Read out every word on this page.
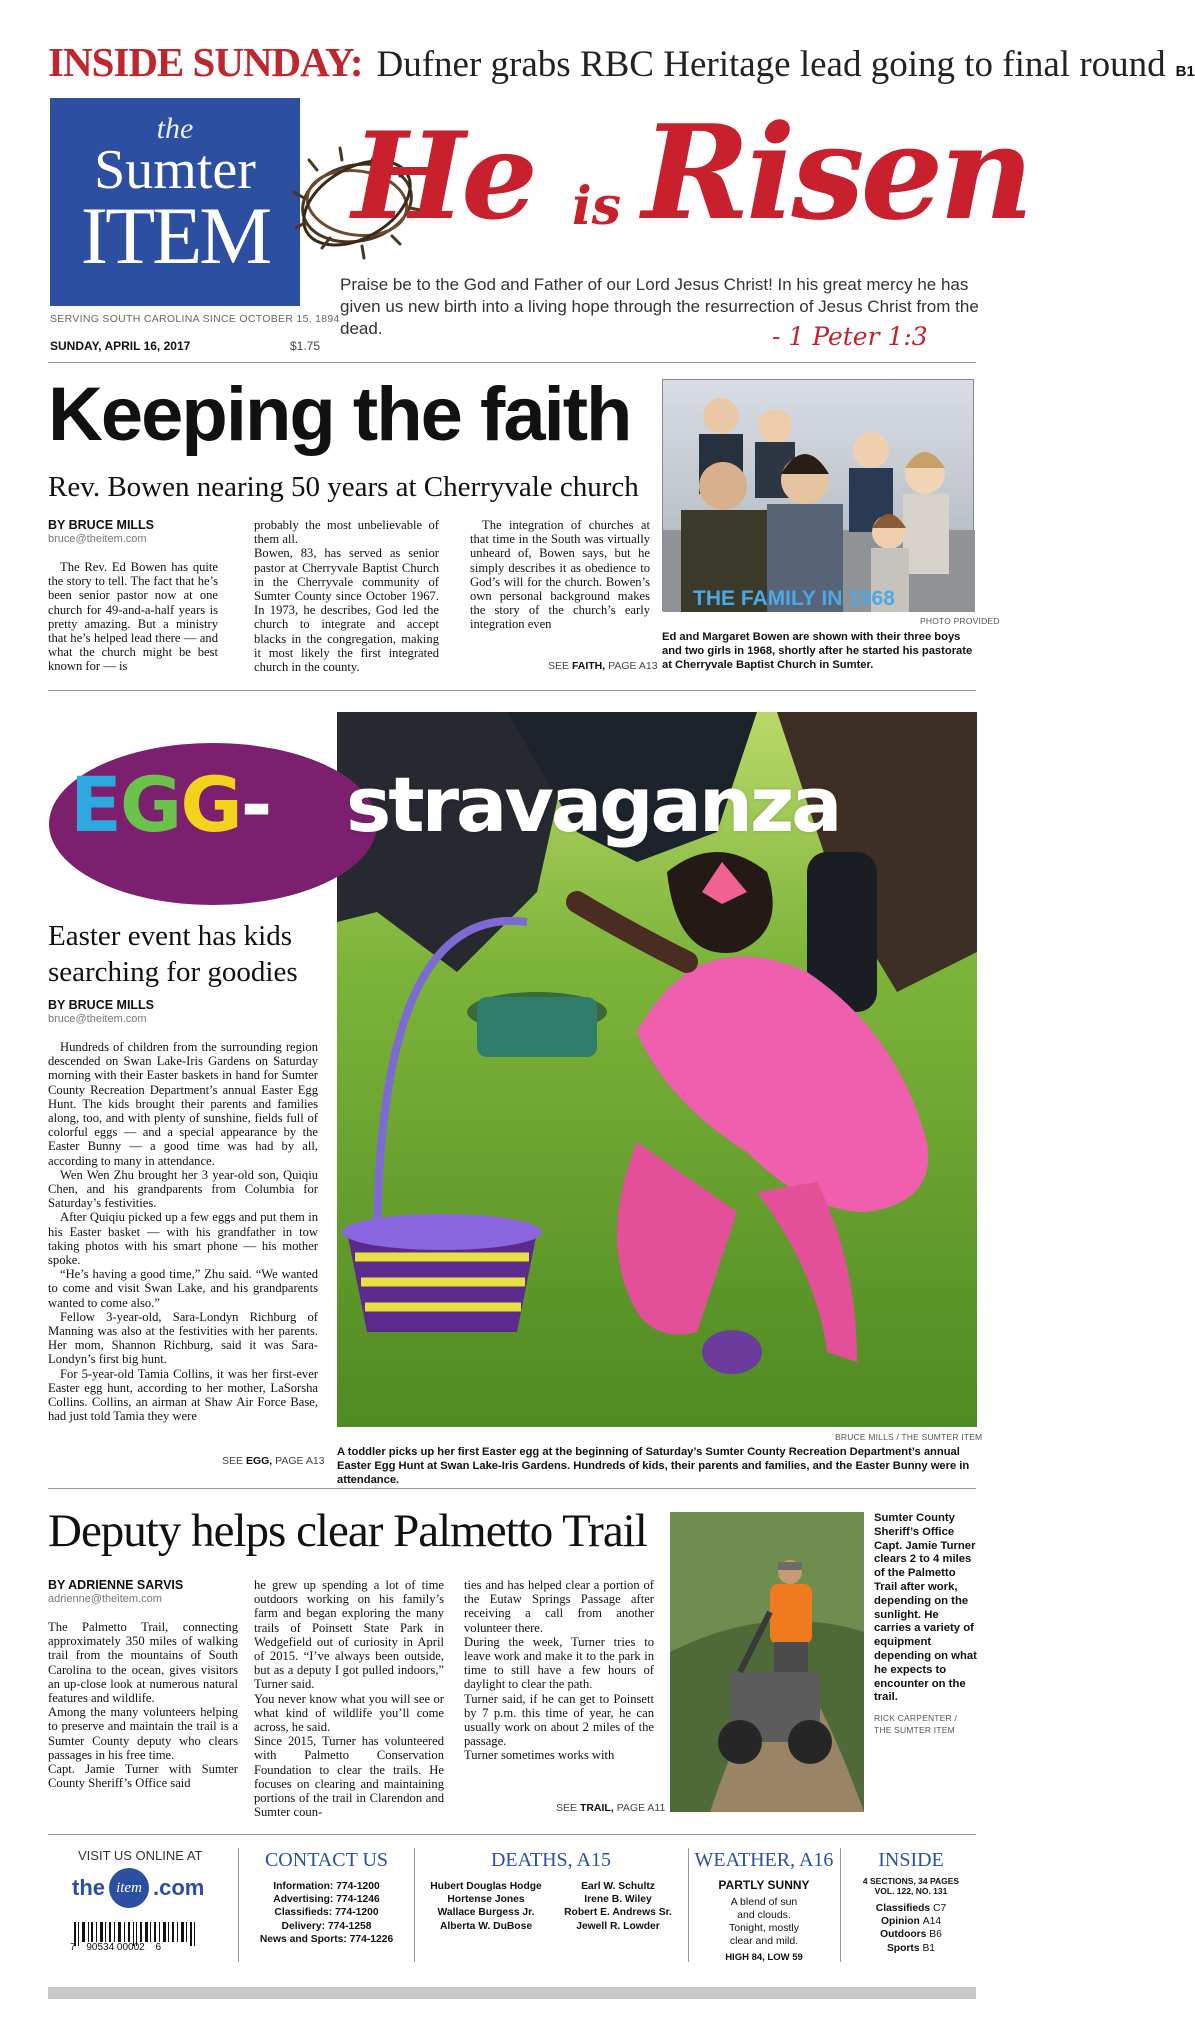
INSIDE SUNDAY: Dufner grabs RBC Heritage lead going to final round B1
the
Sumter
ITEM
SERVING SOUTH CAROLINA SINCE OCTOBER 15, 1894
SUNDAY, APRIL 16, 2017	$1.75
He is Risen
Praise be to the God and Father of our Lord Jesus Christ! In his great mercy he has given us new birth into a living hope through the resurrection of Jesus Christ from the dead.	- 1 Peter 1:3
Keeping the faith
Rev. Bowen nearing 50 years at Cherryvale church
BY BRUCE MILLS
bruce@theitem.com
The Rev. Ed Bowen has quite the story to tell. The fact that he’s been senior pastor now at one church for 49-and-a-half years is pretty amazing. But a ministry that he’s helped lead there — and what the church might be best known for — is
probably the most unbelievable of them all.
Bowen, 83, has served as senior pastor at Cherryvale Baptist Church in the Cherryvale community of Sumter County since October 1967. In 1973, he describes, God led the church to integrate and accept blacks in the congregation, making it most likely the first integrated church in the county.
The integration of churches at that time in the South was virtually unheard of, Bowen says, but he simply describes it as obedience to God’s will for the church. Bowen’s own personal background makes the story of the church’s early integration even
SEE FAITH, PAGE A13
THE FAMILY IN 1968
PHOTO PROVIDED
Ed and Margaret Bowen are shown with their three boys and two girls in 1968, shortly after he started his pastorate at Cherryvale Baptist Church in Sumter.
EGG- stravaganza
Easter event has kids searching for goodies
BY BRUCE MILLS
bruce@theitem.com

Hundreds of children from the surrounding region descended on Swan Lake-Iris Gardens on Saturday morning with their Easter baskets in hand for Sumter County Recreation Department’s annual Easter Egg Hunt. The kids brought their parents and families along, too, and with plenty of sunshine, fields full of colorful eggs — and a special appearance by the Easter Bunny — a good time was had by all, according to many in attendance.

Wen Wen Zhu brought her 3 year-old son, Quiqiu Chen, and his grandparents from Columbia for Saturday’s festivities.

After Quiqiu picked up a few eggs and put them in his Easter basket — with his grandfather in tow taking photos with his smart phone — his mother spoke.

“He’s having a good time,” Zhu said. “We wanted to come and visit Swan Lake, and his grandparents wanted to come also.”

Fellow 3-year-old, Sara-Londyn Richburg of Manning was also at the festivities with her parents. Her mom, Shannon Richburg, said it was Sara-Londyn’s first big hunt.

For 5-year-old Tamia Collins, it was her first-ever Easter egg hunt, according to her mother, LaSorsha Collins. Collins, an airman at Shaw Air Force Base, had just told Tamia they were

SEE EGG, PAGE A13
BRUCE MILLS / THE SUMTER ITEM
A toddler picks up her first Easter egg at the beginning of Saturday’s Sumter County Recreation Department’s annual Easter Egg Hunt at Swan Lake-Iris Gardens. Hundreds of kids, their parents and families, and the Easter Bunny were in attendance.
Deputy helps clear Palmetto Trail
BY ADRIENNE SARVIS
adrienne@theitem.com
The Palmetto Trail, connecting approximately 350 miles of walking trail from the mountains of South Carolina to the ocean, gives visitors an up-close look at numerous natural features and wildlife.
Among the many volunteers helping to preserve and maintain the trail is a Sumter County deputy who clears passages in his free time.
Capt. Jamie Turner with Sumter County Sheriff’s Office said
he grew up spending a lot of time outdoors working on his family’s farm and began exploring the many trails of Poinsett State Park in Wedgefield out of curiosity in April of 2015. “I’ve always been outside, but as a deputy I got pulled indoors,” Turner said.
You never know what you will see or what kind of wildlife you’ll come across, he said.
Since 2015, Turner has volunteered with Palmetto Conservation Foundation to clear the trails. He focuses on clearing and maintaining portions of the trail in Clarendon and Sumter coun-
ties and has helped clear a portion of the Eutaw Springs Passage after receiving a call from another volunteer there.
During the week, Turner tries to leave work and make it to the park in time to still have a few hours of daylight to clear the path.
Turner said, if he can get to Poinsett by 7 p.m. this time of year, he can usually work on about 2 miles of the passage.
Turner sometimes works with
SEE TRAIL, PAGE A11
Sumter County Sheriff’s Office Capt. Jamie Turner clears 2 to 4 miles of the Palmetto Trail after work, depending on the sunlight. He carries a variety of equipment depending on what he expects to encounter on the trail.
RICK CARPENTER / THE SUMTER ITEM
VISIT US ONLINE AT
the item .com
7 90534 00002 6
CONTACT US
Information: 774-1200
Advertising: 774-1246
Classifieds: 774-1200
Delivery: 774-1258
News and Sports: 774-1226
DEATHS, A15
Hubert Douglas Hodge
Hortense Jones
Wallace Burgess Jr.
Alberta W. DuBose
Earl W. Schultz
Irene B. Wiley
Robert E. Andrews Sr.
Jewell R. Lowder
WEATHER, A16
PARTLY SUNNY
A blend of sun
and clouds.
Tonight, mostly
clear and mild.
HIGH 84, LOW 59
INSIDE
4 SECTIONS, 34 PAGES
VOL. 122, NO. 131
Classifieds C7
Opinion A14
Outdoors B6
Sports B1
